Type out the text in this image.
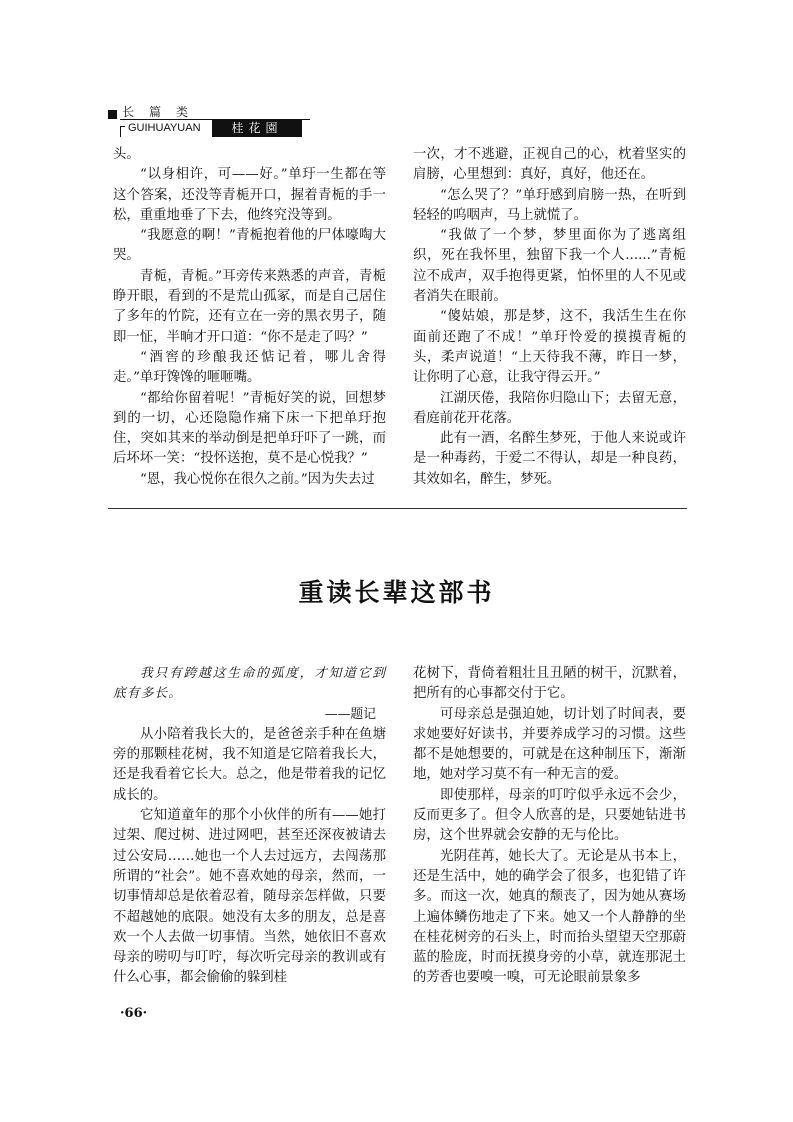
长篇类
GUIHUAYUAN	桂花園

头。

“以身相许，可——好。”单玗一生都在等这个答案，还没等青栀开口，握着青栀的手一松，重重地垂了下去，他终究没等到。

“我愿意的啊！”青栀抱着他的尸体嚎啕大哭。

青栀，青栀。”耳旁传来熟悉的声音，青栀睁开眼，看到的不是荒山孤冢，而是自己居住了多年的竹院，还有立在一旁的黑衣男子，随即一怔，半晌才开口道：“你不是走了吗？”

“酒窖的珍酿我还惦记着，哪儿舍得走。”单玗馋馋的咂咂嘴。

“都给你留着呢！”青栀好笑的说，回想梦到的一切，心还隐隐作痛下床一下把单玗抱住，突如其来的举动倒是把单玗吓了一跳，而后坏坏一笑：“投怀送抱，莫不是心悦我？”

“恩，我心悦你在很久之前。”因为失去过

一次，才不逃避，正视自己的心，枕着坚实的肩膀，心里想到：真好，真好，他还在。

“怎么哭了？”单玗感到肩膀一热，在听到轻轻的呜咽声，马上就慌了。

“我做了一个梦，梦里面你为了逃离组织，死在我怀里，独留下我一个人......”青栀泣不成声，双手抱得更紧，怕怀里的人不见或者消失在眼前。

“傻姑娘，那是梦，这不，我活生生在你面前还跑了不成！”单玗怜爱的摸摸青栀的头，柔声说道！“上天待我不薄，昨日一梦，让你明了心意，让我守得云开。”

江湖厌倦，我陪你归隐山下；去留无意，看庭前花开花落。

此有一酒，名醉生梦死，于他人来说或许是一种毒药，于爱二不得认，却是一种良药，其效如名，醉生，梦死。

重读长辈这部书

我只有跨越这生命的弧度，才知道它到底有多长。

——题记

从小陪着我长大的，是爸爸亲手种在鱼塘旁的那颗桂花树，我不知道是它陪着我长大，还是我看着它长大。总之，他是带着我的记忆成长的。

它知道童年的那个小伙伴的所有——她打过架、爬过树、进过网吧，甚至还深夜被请去过公安局……她也一个人去过远方，去闯荡那所谓的“社会”。她不喜欢她的母亲，然而，一切事情却总是依着忍着，随母亲怎样做，只要不超越她的底限。她没有太多的朋友，总是喜欢一个人去做一切事情。当然，她依旧不喜欢母亲的唠叨与叮咛，每次听完母亲的教训或有什么心事，都会偷偷的躲到桂

花树下，背倚着粗壮且丑陋的树干，沉默着，把所有的心事都交付于它。

可母亲总是强迫她，切计划了时间表，要求她要好好读书，并要养成学习的习惯。这些都不是她想要的，可就是在这种制压下，渐渐地，她对学习莫不有一种无言的爱。

即使那样，母亲的叮咛似乎永远不会少，反而更多了。但令人欣喜的是，只要她钻进书房，这个世界就会安静的无与伦比。

光阴荏苒，她长大了。无论是从书本上，还是生活中，她的确学会了很多，也犯错了许多。而这一次，她真的颓丧了，因为她从赛场上遍体鳞伤地走了下来。她又一个人静静的坐在桂花树旁的石头上，时而抬头望望天空那蔚蓝的脸庞，时而抚摸身旁的小草，就连那泥土的芳香也要嗅一嗅，可无论眼前景象多

·66·
